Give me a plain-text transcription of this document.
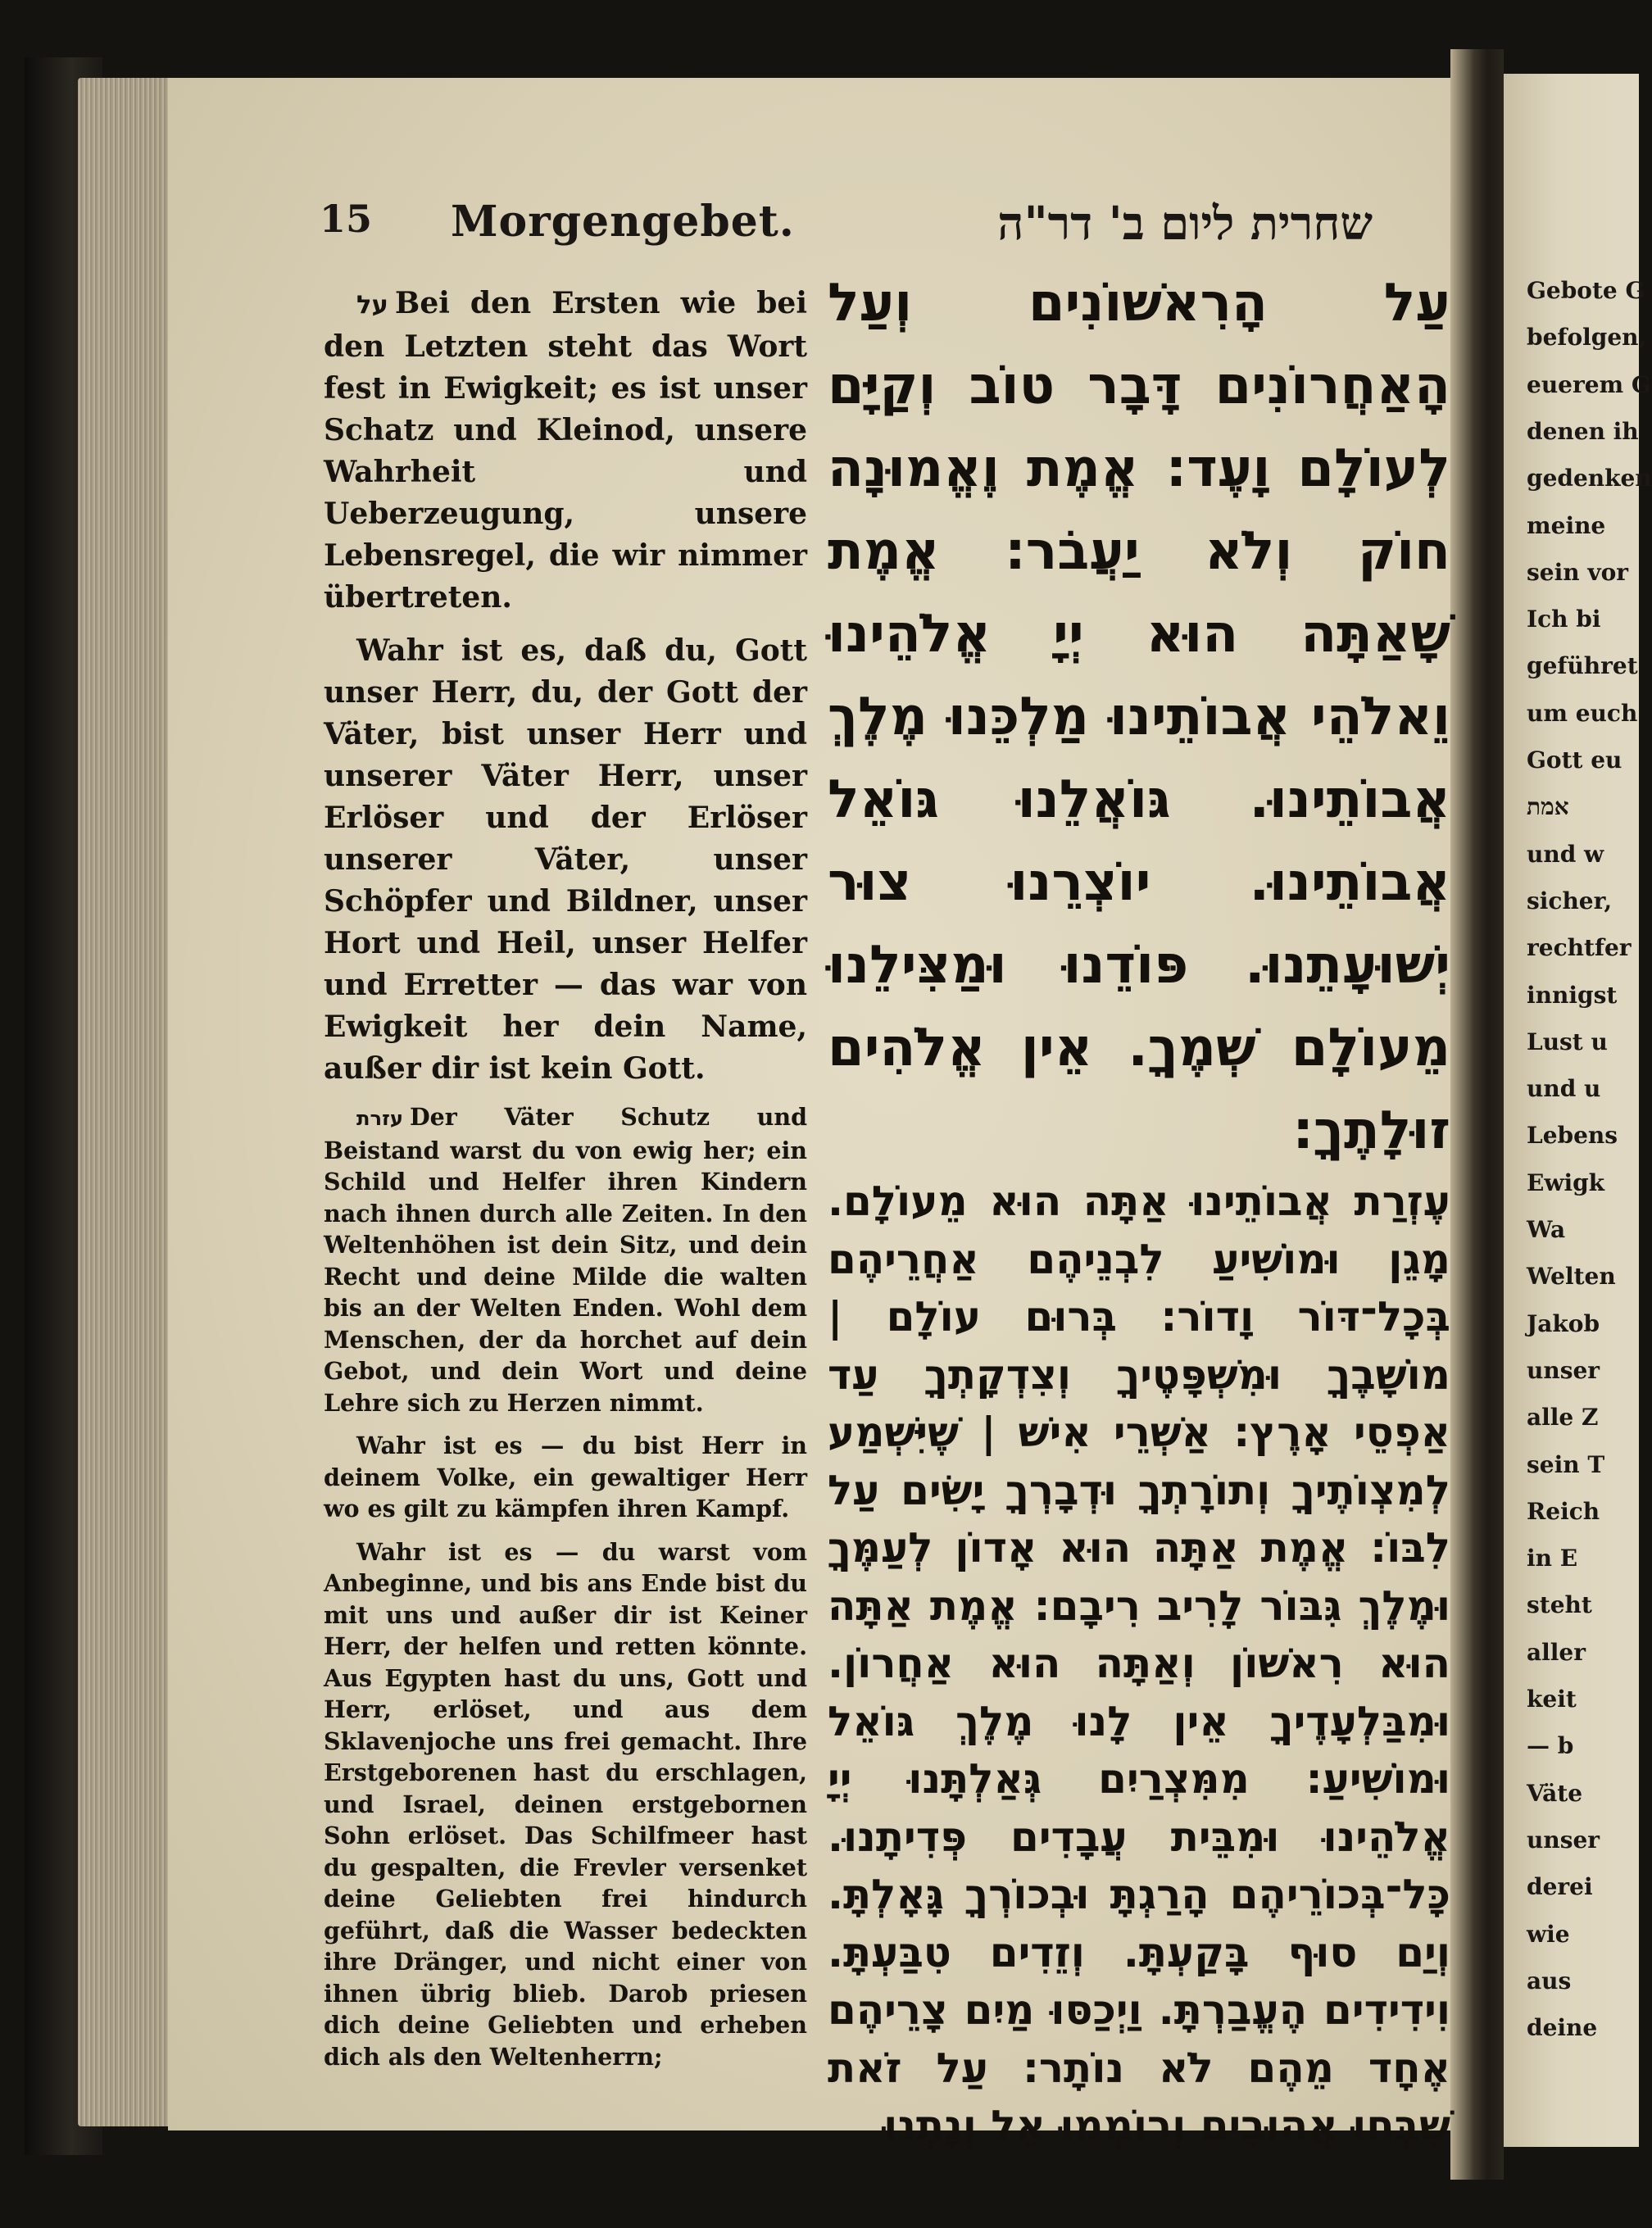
Gebote G
befolgen,
euerem G
denen ih
gedenken
meine
sein vor
Ich bi
geführet
um euch
Gott eu
אמת
und w
sicher,
rechtfer
innigst
Lust u
und u
Lebens
Ewigk
Wa
Welten
Jakob
unser
alle Z
sein T
Reich
in E
steht
aller
keit
— b
Väte
unser
derei
wie
aus
deine
15 Morgengebet.	שחרית ליום ב' דר"ה

על Bei den Ersten wie bei den Letzten steht das Wort fest in Ewigkeit; es ist unser Schatz und Kleinod, unsere Wahrheit und Ueberzeugung, unsere Lebensregel, die wir nimmer übertreten.

Wahr ist es, daß du, Gott unser Herr, du, der Gott der Väter, bist unser Herr und unserer Väter Herr, unser Erlöser und der Erlöser unserer Väter, unser Schöpfer und Bildner, unser Hort und Heil, unser Helfer und Erretter — das war von Ewigkeit her dein Name, außer dir ist kein Gott.

עזרת Der Väter Schutz und Beistand warst du von ewig her; ein Schild und Helfer ihren Kindern nach ihnen durch alle Zeiten. In den Weltenhöhen ist dein Sitz, und dein Recht und deine Milde die walten bis an der Welten Enden. Wohl dem Menschen, der da horchet auf dein Gebot, und dein Wort und deine Lehre sich zu Herzen nimmt.

Wahr ist es — du bist Herr in deinem Volke, ein gewaltiger Herr wo es gilt zu kämpfen ihren Kampf.

Wahr ist es — du warst vom Anbeginne, und bis ans Ende bist du mit uns und außer dir ist Keiner Herr, der helfen und retten könnte. Aus Egypten hast du uns, Gott und Herr, erlöset, und aus dem Sklavenjoche uns frei gemacht. Ihre Erstgeborenen hast du erschlagen, und Israel, deinen erstgebornen Sohn erlöset. Das Schilfmeer hast du gespalten, die Frevler versenket deine Geliebten frei hindurch geführt, daß die Wasser bedeckten ihre Dränger, und nicht einer von ihnen übrig blieb. Darob priesen dich deine Geliebten und erheben dich als den Weltenherrn;

עַל הָרִאשׁוֹנִים וְעַל הָאַחֲרוֹנִים דָּבָר טוֹב וְקַיָּם לְעוֹלָם וָעֶד: אֱמֶת וֶאֱמוּנָה חוֹק וְלֹא יַעֲבֹר: אֱמֶת שָׁאַתָּה הוּא יְיָ אֱלֹהֵינוּ וֵאלֹהֵי אֲבוֹתֵינוּ מַלְכֵּנוּ מֶלֶךְ אֲבוֹתֵינוּ. גּוֹאֲלֵנוּ גּוֹאֵל אֲבוֹתֵינוּ. יוֹצְרֵנוּ צוּר יְשׁוּעָתֵנוּ. פּוֹדֵנוּ וּמַצִּילֵנוּ מֵעוֹלָם שְׁמֶךָ. אֵין אֱלֹהִים זוּלָתֶךָ:

עֶזְרַת אֲבוֹתֵינוּ אַתָּה הוּא מֵעוֹלָם. מָגֵן וּמוֹשִׁיעַ לִבְנֵיהֶם אַחֲרֵיהֶם בְּכָל־דּוֹר וָדוֹר: בְּרוּם עוֹלָם | מוֹשָׁבֶךָ וּמִשְׁפָּטֶיךָ וְצִדְקָתְךָ עַד אַפְסֵי אָרֶץ: אַשְׁרֵי אִישׁ | שֶׁיִּשְׁמַע לְמִצְוֹתֶיךָ וְתוֹרָתְךָ וּדְבָרְךָ יָשִׂים עַל לִבּוֹ: אֱמֶת אַתָּה הוּא אָדוֹן לְעַמֶּךָ וּמֶלֶךְ גִּבּוֹר לָרִיב רִיבָם: אֱמֶת אַתָּה הוּא רִאשׁוֹן וְאַתָּה הוּא אַחֲרוֹן. וּמִבַּלְעָדֶיךָ אֵין לָנוּ מֶלֶךְ גּוֹאֵל וּמוֹשִׁיעַ: מִמִּצְרַיִם גְּאַלְתָּנוּ יְיָ אֱלֹהֵינוּ וּמִבֵּית עֲבָדִים פְּדִיתָנוּ. כָּל־בְּכוֹרֵיהֶם הָרַגְתָּ וּבְכוֹרְךָ גָּאָלְתָּ. וְיַם סוּף בָּקַעְתָּ. וְזֵדִים טִבַּעְתָּ. וִידִידִים הֶעֱבַרְתָּ. וַיְכַסּוּ מַיִם צָרֵיהֶם אֶחָד מֵהֶם לֹא נוֹתָר: עַל זֹאת שִׁבְּחוּ אֲהוּבִים וְרוֹמְמוּ אֵל וְנָתְנוּ
